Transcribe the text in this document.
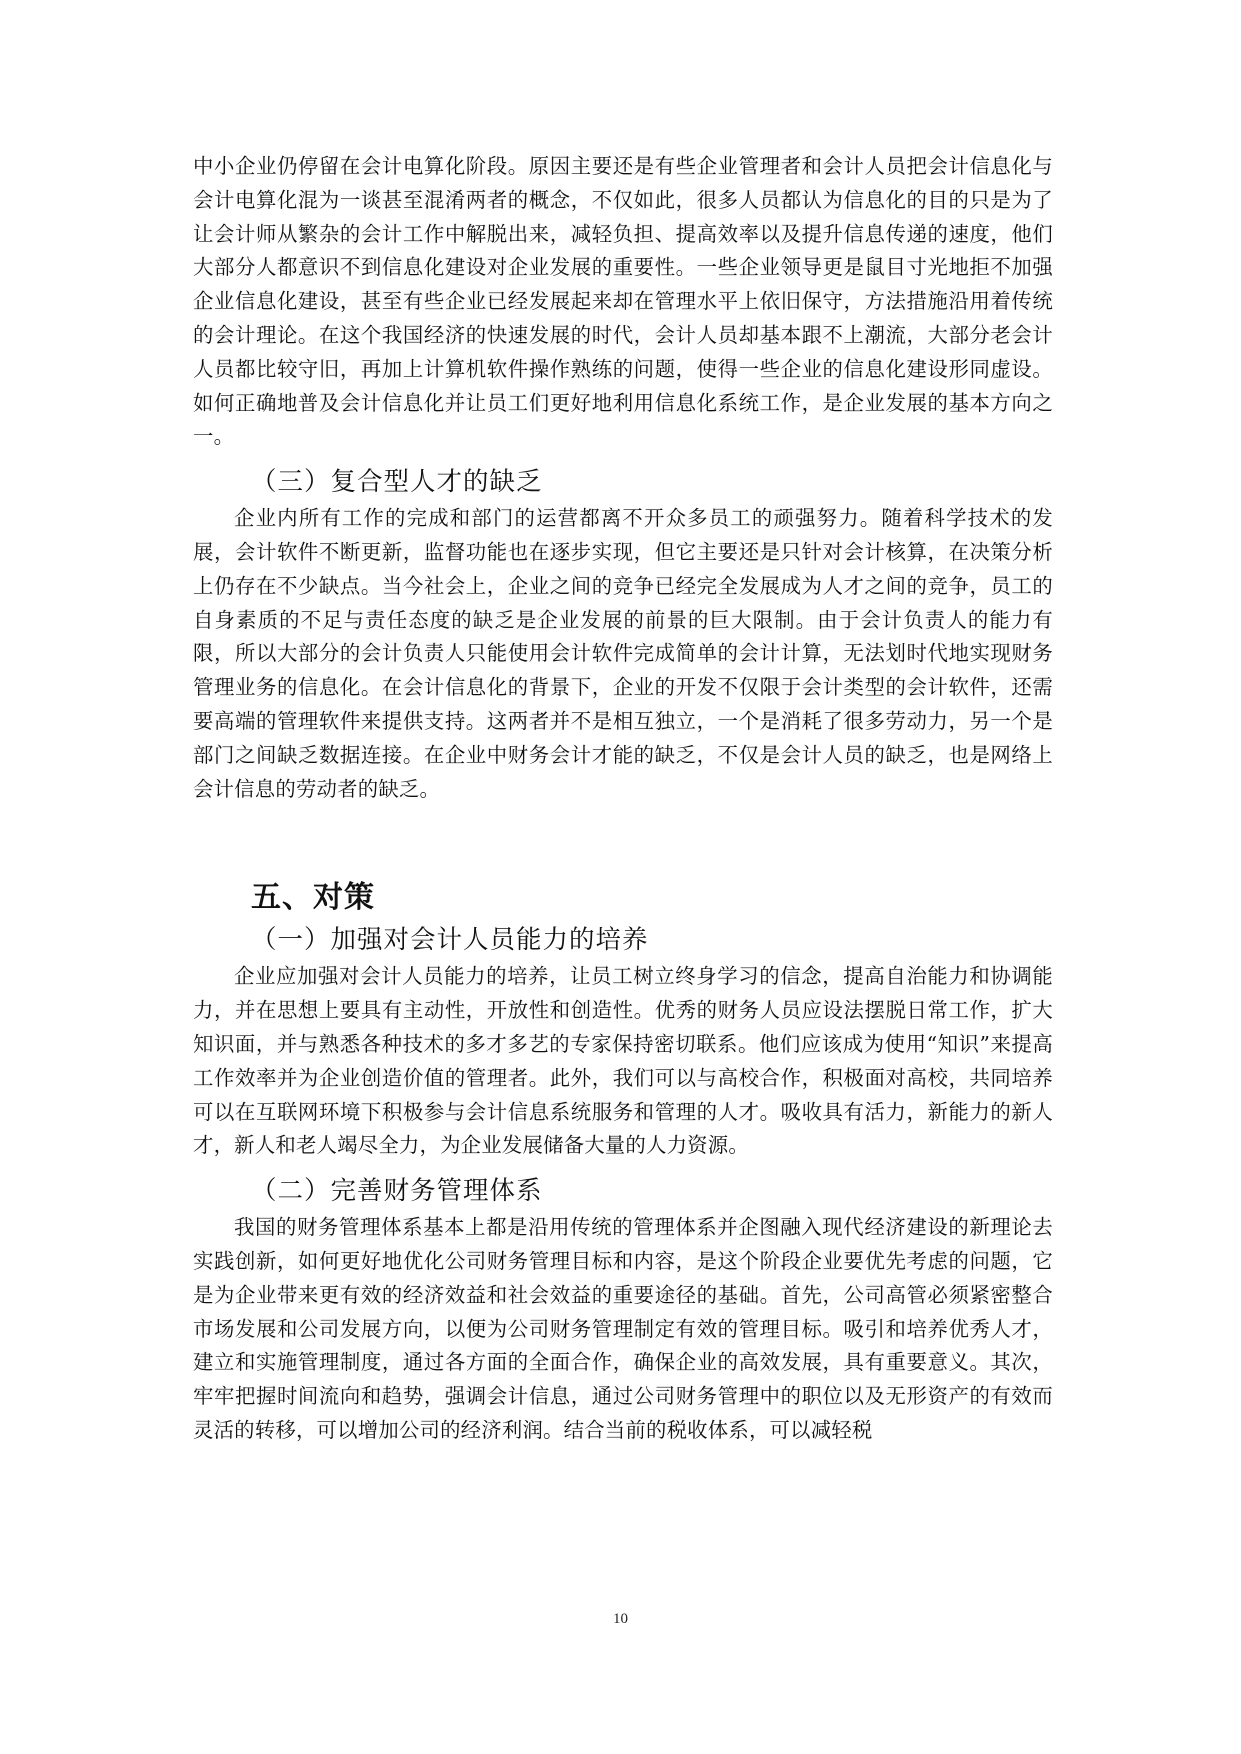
中小企业仍停留在会计电算化阶段。原因主要还是有些企业管理者和会计人员把会计信息化与会计电算化混为一谈甚至混淆两者的概念，不仅如此，很多人员都认为信息化的目的只是为了让会计师从繁杂的会计工作中解脱出来，减轻负担、提高效率以及提升信息传递的速度，他们大部分人都意识不到信息化建设对企业发展的重要性。一些企业领导更是鼠目寸光地拒不加强企业信息化建设，甚至有些企业已经发展起来却在管理水平上依旧保守，方法措施沿用着传统的会计理论。在这个我国经济的快速发展的时代，会计人员却基本跟不上潮流，大部分老会计人员都比较守旧，再加上计算机软件操作熟练的问题，使得一些企业的信息化建设形同虚设。如何正确地普及会计信息化并让员工们更好地利用信息化系统工作，是企业发展的基本方向之一。

（三）复合型人才的缺乏

企业内所有工作的完成和部门的运营都离不开众多员工的顽强努力。随着科学技术的发展，会计软件不断更新，监督功能也在逐步实现，但它主要还是只针对会计核算，在决策分析上仍存在不少缺点。当今社会上，企业之间的竞争已经完全发展成为人才之间的竞争，员工的自身素质的不足与责任态度的缺乏是企业发展的前景的巨大限制。由于会计负责人的能力有限，所以大部分的会计负责人只能使用会计软件完成简单的会计计算，无法划时代地实现财务管理业务的信息化。在会计信息化的背景下，企业的开发不仅限于会计类型的会计软件，还需要高端的管理软件来提供支持。这两者并不是相互独立，一个是消耗了很多劳动力，另一个是部门之间缺乏数据连接。在企业中财务会计才能的缺乏，不仅是会计人员的缺乏，也是网络上会计信息的劳动者的缺乏。

五、对策
（一）加强对会计人员能力的培养

企业应加强对会计人员能力的培养，让员工树立终身学习的信念，提高自治能力和协调能力，并在思想上要具有主动性，开放性和创造性。优秀的财务人员应设法摆脱日常工作，扩大知识面，并与熟悉各种技术的多才多艺的专家保持密切联系。他们应该成为使用“知识”来提高工作效率并为企业创造价值的管理者。此外，我们可以与高校合作，积极面对高校，共同培养可以在互联网环境下积极参与会计信息系统服务和管理的人才。吸收具有活力，新能力的新人才，新人和老人竭尽全力，为企业发展储备大量的人力资源。

（二）完善财务管理体系

我国的财务管理体系基本上都是沿用传统的管理体系并企图融入现代经济建设的新理论去实践创新，如何更好地优化公司财务管理目标和内容，是这个阶段企业要优先考虑的问题，它是为企业带来更有效的经济效益和社会效益的重要途径的基础。首先，公司高管必须紧密整合市场发展和公司发展方向，以便为公司财务管理制定有效的管理目标。吸引和培养优秀人才，建立和实施管理制度，通过各方面的全面合作，确保企业的高效发展，具有重要意义。其次，牢牢把握时间流向和趋势，强调会计信息，通过公司财务管理中的职位以及无形资产的有效而灵活的转移，可以增加公司的经济利润。结合当前的税收体系，可以减轻税

10
